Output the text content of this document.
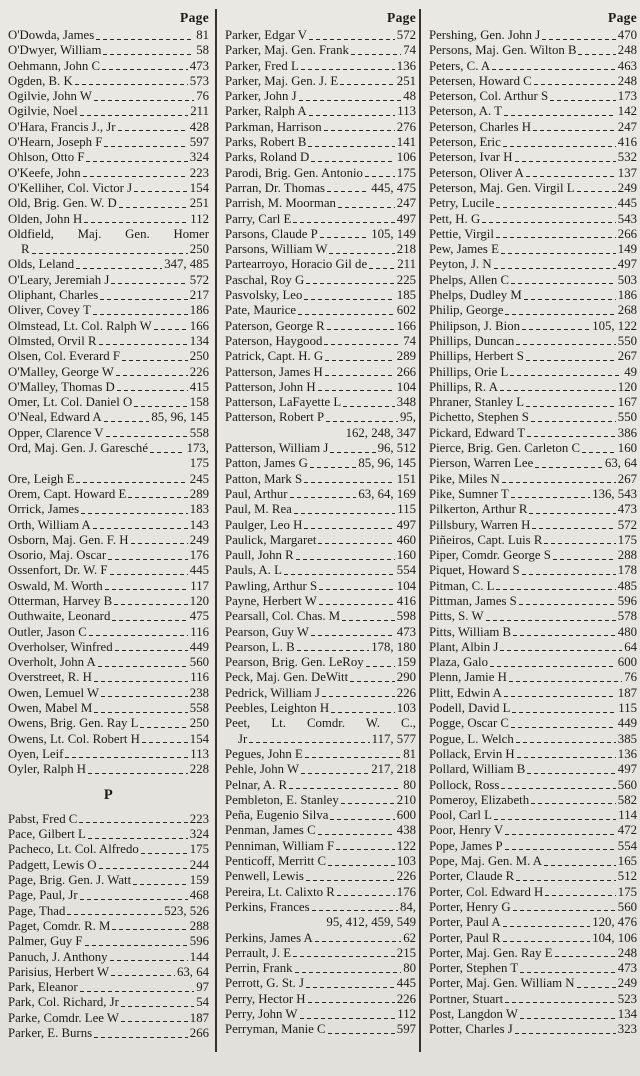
Page
O'Dowda, James	81
O'Dwyer, William	58
Oehmann, John C	473
Ogden, B. K	573
Ogilvie, John W	76
Ogilvie, Noel	211
O'Hara, Francis J., Jr	428
O'Hearn, Joseph F	597
Ohlson, Otto F	324
O'Keefe, John	223
O'Kelliher, Col. Victor J	154
Old, Brig. Gen. W. D	251
Olden, John H	112
Oldfield, Maj. Gen. Homer
R	250
Olds, Leland	347, 485
O'Leary, Jeremiah J	572
Oliphant, Charles	217
Oliver, Covey T	186
Olmstead, Lt. Col. Ralph W	166
Olmsted, Orvil R	134
Olsen, Col. Everard F	250
O'Malley, George W	226
O'Malley, Thomas D	415
Omer, Lt. Col. Daniel O	158
O'Neal, Edward A	85, 96, 145
Opper, Clarence V	558
Ord, Maj. Gen. J. Garesché	173,
175
Ore, Leigh E	245
Orem, Capt. Howard E	289
Orrick, James	183
Orth, William A	143
Osborn, Maj. Gen. F. H	249
Osorio, Maj. Oscar	176
Ossenfort, Dr. W. F	445
Oswald, M. Worth	117
Otterman, Harvey B	120
Outhwaite, Leonard	475
Outler, Jason C	116
Overholser, Winfred	449
Overholt, John A	560
Overstreet, R. H	116
Owen, Lemuel W	238
Owen, Mabel M	558
Owens, Brig. Gen. Ray L	250
Owens, Lt. Col. Robert H	154
Oyen, Leif	113
Oyler, Ralph H	228
P
Pabst, Fred C	223
Pace, Gilbert L	324
Pacheco, Lt. Col. Alfredo	175
Padgett, Lewis O	244
Page, Brig. Gen. J. Watt	159
Page, Paul, Jr	468
Page, Thad	523, 526
Paget, Comdr. R. M	288
Palmer, Guy F	596
Panuch, J. Anthony	144
Parisius, Herbert W	63, 64
Park, Eleanor	97
Park, Col. Richard, Jr	54
Parke, Comdr. Lee W	187
Parker, E. Burns	266
Page
Parker, Edgar V	572
Parker, Maj. Gen. Frank	74
Parker, Fred L	136
Parker, Maj. Gen. J. E	251
Parker, John J	48
Parker, Ralph A	113
Parkman, Harrison	276
Parks, Robert B	141
Parks, Roland D	106
Parodi, Brig. Gen. Antonio	175
Parran, Dr. Thomas	445, 475
Parrish, M. Moorman	247
Parry, Carl E	497
Parsons, Claude P	105, 149
Parsons, William W	218
Partearroyo, Horacio Gil de 211
Paschal, Roy G	225
Pasvolsky, Leo	185
Pate, Maurice	602
Paterson, George R	166
Paterson, Haygood	74
Patrick, Capt. H. G	289
Patterson, James H	266
Patterson, John H	104
Patterson, LaFayette L	348
Patterson, Robert P	95,
162, 248, 347
Patterson, William J	96, 512
Patton, James G	85, 96, 145
Patton, Mark S	151
Paul, Arthur	63, 64, 169
Paul, M. Rea	115
Paulger, Leo H	497
Paulick, Margaret	460
Paull, John R	160
Pauls, A. L	554
Pawling, Arthur S	104
Payne, Herbert W	416
Pearsall, Col. Chas. M	598
Pearson, Guy W	473
Pearson, L. B	178, 180
Pearson, Brig. Gen. LeRoy	159
Peck, Maj. Gen. DeWitt	290
Pedrick, William J	226
Peebles, Leighton H	103
Peet, Lt. Comdr. W. C.,
Jr	117, 577
Pegues, John E	81
Pehle, John W	217, 218
Pelnar, A. R	80
Pembleton, E. Stanley	210
Peña, Eugenio Silva	600
Penman, James C	438
Penniman, William F	122
Penticoff, Merritt C	103
Penwell, Lewis	226
Pereira, Lt. Calixto R	176
Perkins, Frances	84,
95, 412, 459, 549
Perkins, James A	62
Perrault, J. E	215
Perrin, Frank	80
Perrott, G. St. J	445
Perry, Hector H	226
Perry, John W	112
Perryman, Manie C	597
Page
Pershing, Gen. John J	470
Persons, Maj. Gen. Wilton B	248
Peters, C. A	463
Petersen, Howard C	248
Peterson, Col. Arthur S	173
Peterson, A. T	142
Peterson, Charles H	247
Peterson, Eric	416
Peterson, Ivar H	532
Peterson, Oliver A	137
Peterson, Maj. Gen. Virgil L	249
Petry, Lucile	445
Pett, H. G	543
Pettie, Virgil	266
Pew, James E	149
Peyton, J. N	497
Phelps, Allen C	503
Phelps, Dudley M	186
Philip, George	268
Philipson, J. Bion	105, 122
Phillips, Duncan	550
Phillips, Herbert S	267
Phillips, Orie L	49
Phillips, R. A	120
Phraner, Stanley L	167
Pichetto, Stephen S	550
Pickard, Edward T	386
Pierce, Brig. Gen. Carleton C	160
Pierson, Warren Lee	63, 64
Pike, Miles N	267
Pike, Sumner T	136, 543
Pilkerton, Arthur R	473
Pillsbury, Warren H	572
Piñeiros, Capt. Luis R	175
Piper, Comdr. George S	288
Piquet, Howard S	178
Pitman, C. L	485
Pittman, James S	596
Pitts, S. W	578
Pitts, William B	480
Plant, Albin J	64
Plaza, Galo	600
Plenn, Jamie H	76
Plitt, Edwin A	187
Podell, David L	115
Pogge, Oscar C	449
Pogue, L. Welch	385
Pollack, Ervin H	136
Pollard, William B	497
Pollock, Ross	560
Pomeroy, Elizabeth	582
Pool, Carl L	114
Poor, Henry V	472
Pope, James P	554
Pope, Maj. Gen. M. A	165
Porter, Claude R	512
Porter, Col. Edward H	175
Porter, Henry G	560
Porter, Paul A	120, 476
Porter, Paul R	104, 106
Porter, Maj. Gen. Ray E	248
Porter, Stephen T	473
Porter, Maj. Gen. William N	249
Portner, Stuart	523
Post, Langdon W	134
Potter, Charles J	323
